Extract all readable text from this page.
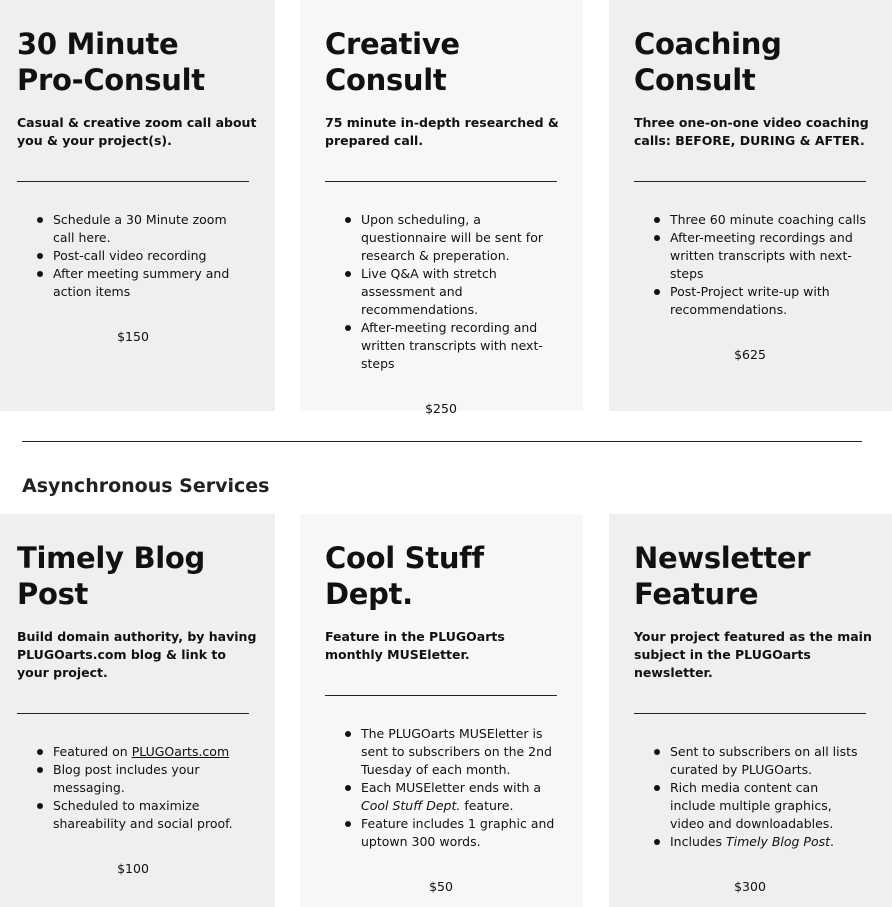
30 Minute
Pro-Consult

Casual & creative zoom call about you & your project(s).

Schedule a 30 Minute zoom call here.
Post-call video recording
After meeting summery and action items

$150

Creative
Consult

75 minute in-depth researched & prepared call.

Upon scheduling, a questionnaire will be sent for research & preperation.
Live Q&A with stretch assessment and recommendations.
After-meeting recording and written transcripts with next-steps

$250

Coaching
Consult

Three one-on-one video coaching calls: BEFORE, DURING & AFTER.

Three 60 minute coaching calls
After-meeting recordings and written transcripts with next-steps
Post-Project write-up with recommendations.

$625

Asynchronous Services
Timely Blog Post

Build domain authority, by having PLUGOarts.com blog & link to your project.

Featured on PLUGOarts.com
Blog post includes your messaging.
Scheduled to maximize shareability and social proof.

$100

Cool Stuff Dept.

Feature in the PLUGOarts monthly MUSEletter.

The PLUGOarts MUSEletter is sent to subscribers on the 2nd Tuesday of each month.
Each MUSEletter ends with a Cool Stuff Dept. feature.
Feature includes 1 graphic and uptown 300 words.

$50

Newsletter
Feature

Your project featured as the main subject in the PLUGOarts newsletter.

Sent to subscribers on all lists curated by PLUGOarts.
Rich media content can include multiple graphics, video and downloadables.
Includes Timely Blog Post.

$300
